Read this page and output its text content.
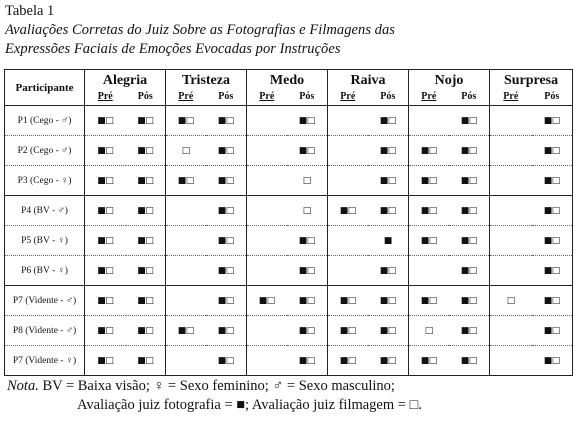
Tabela 1
Avaliações Corretas do Juiz Sobre as Fotografias e Filmagens das
Expressões Faciais de Emoções Evocadas por Instruções
Participante	Alegria		Tristeza		Medo		Raiva		Nojo		Surpresa	
	Pré	Pós	Pré	Pós	Pré	Pós	Pré	Pós	Pré	Pós	Pré	Pós
P1 (Cego - ♂)	■□	■□	■□	■□		■□		■□		■□		■□
P2 (Cego - ♂)	■□	■□	□	■□		■□		■□	■□	■□		■□
P3 (Cego - ♀)	■□	■□	■□	■□		□		■□	■□	■□		■□
P4 (BV - ♂)	■□	■□		■□		□	■□	■□	■□	■□		■□
P5 (BV - ♀)	■□	■□		■□		■□		■	■□	■□		■□
P6 (BV - ♀)	■□	■□		■□		■□		■□		■□		■□
P7 (Vidente - ♂)	■□	■□		■□	■□	■□	■□	■□	■□	■□	□	■□
P8 (Vidente - ♂)	■□	■□	■□	■□		■□	■□	■□	□	■□		■□
P7 (Vidente - ♀)	■□	■□		■□		■□	■□	■□	■□	■□		■□
Nota. BV = Baixa visão; ♀ = Sexo feminino; ♂ = Sexo masculino;
Avaliação juiz fotografia = ■; Avaliação juiz filmagem = □.
